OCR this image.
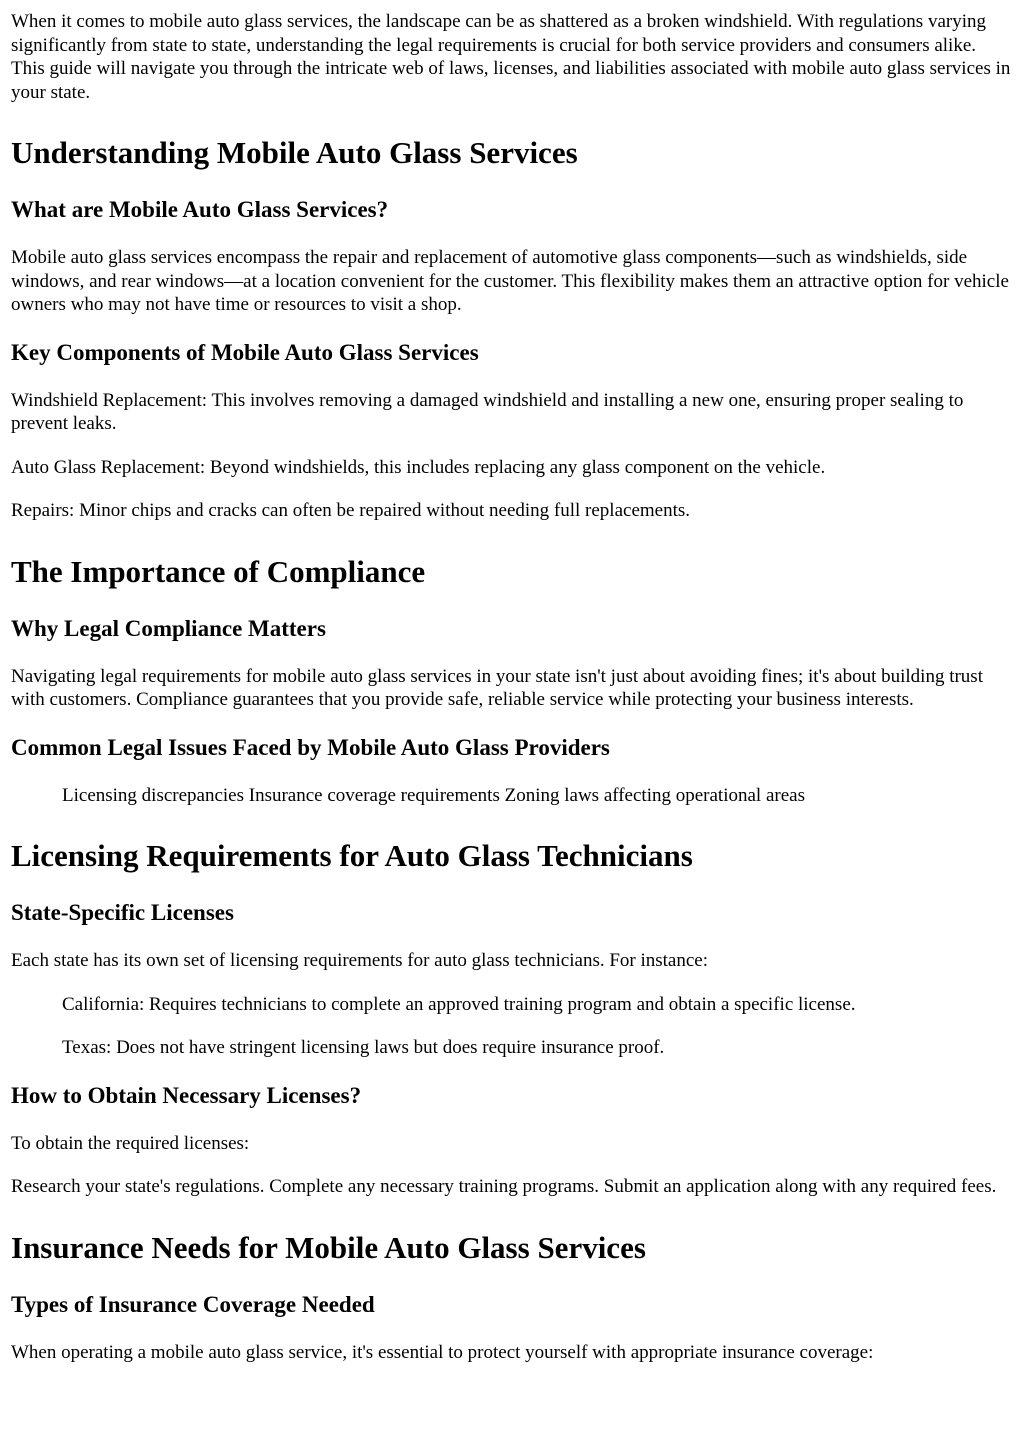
When it comes to mobile auto glass services, the landscape can be as shattered as a broken windshield. With regulations varying significantly from state to state, understanding the legal requirements is crucial for both service providers and consumers alike. This guide will navigate you through the intricate web of laws, licenses, and liabilities associated with mobile auto glass services in your state.

Understanding Mobile Auto Glass Services
What are Mobile Auto Glass Services?

Mobile auto glass services encompass the repair and replacement of automotive glass components—such as windshields, side windows, and rear windows—at a location convenient for the customer. This flexibility makes them an attractive option for vehicle owners who may not have time or resources to visit a shop.

Key Components of Mobile Auto Glass Services

Windshield Replacement: This involves removing a damaged windshield and installing a new one, ensuring proper sealing to prevent leaks.

Auto Glass Replacement: Beyond windshields, this includes replacing any glass component on the vehicle.

Repairs: Minor chips and cracks can often be repaired without needing full replacements.

The Importance of Compliance
Why Legal Compliance Matters

Navigating legal requirements for mobile auto glass services in your state isn't just about avoiding fines; it's about building trust with customers. Compliance guarantees that you provide safe, reliable service while protecting your business interests.

Common Legal Issues Faced by Mobile Auto Glass Providers

Licensing discrepancies Insurance coverage requirements Zoning laws affecting operational areas

Licensing Requirements for Auto Glass Technicians
State-Specific Licenses

Each state has its own set of licensing requirements for auto glass technicians. For instance:

California: Requires technicians to complete an approved training program and obtain a specific license.

Texas: Does not have stringent licensing laws but does require insurance proof.

How to Obtain Necessary Licenses?

To obtain the required licenses:

Research your state's regulations. Complete any necessary training programs. Submit an application along with any required fees.

Insurance Needs for Mobile Auto Glass Services
Types of Insurance Coverage Needed

When operating a mobile auto glass service, it's essential to protect yourself with appropriate insurance coverage:
